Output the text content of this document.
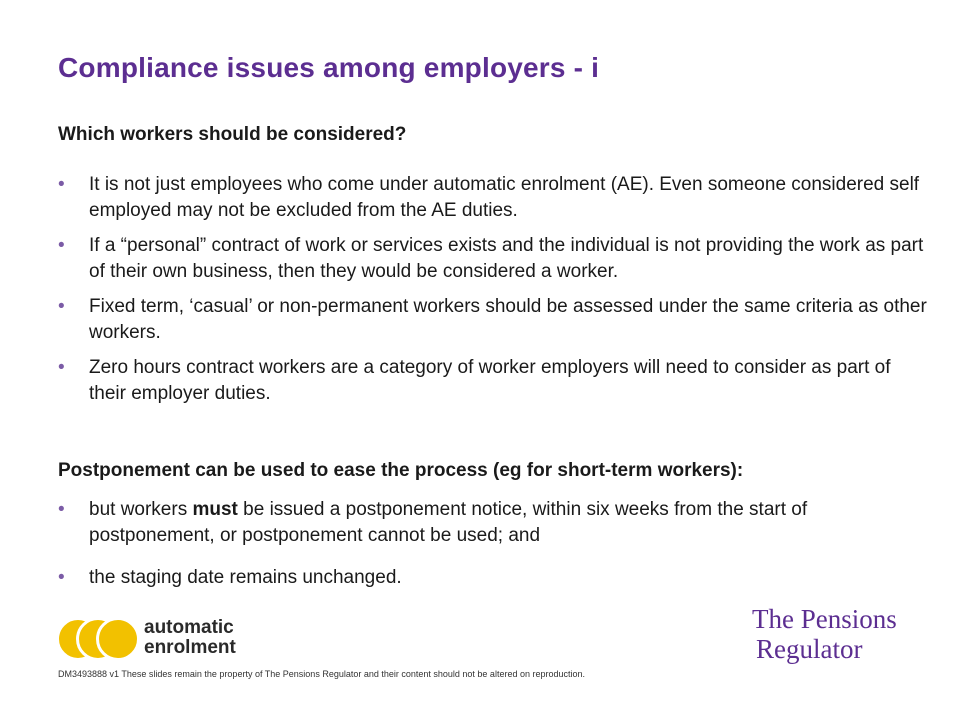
Compliance issues among employers - i
Which workers should be considered?
• It is not just employees who come under automatic enrolment (AE). Even someone considered self employed may not be excluded from the AE duties.
• If a “personal” contract of work or services exists and the individual is not providing the work as part of their own business, then they would be considered a worker.
• Fixed term, ‘casual’ or non-permanent workers should be assessed under the same criteria as other workers.
• Zero hours contract workers are a category of worker employers will need to consider as part of their employer duties.
Postponement can be used to ease the process (eg for short-term workers):
• but workers must be issued a postponement notice, within six weeks from the start of postponement, or postponement cannot be used; and
• the staging date remains unchanged.
automatic
enrolment
The Pensions
Regulator
DM3493888 v1 These slides remain the property of The Pensions Regulator and their content should not be altered on reproduction.
